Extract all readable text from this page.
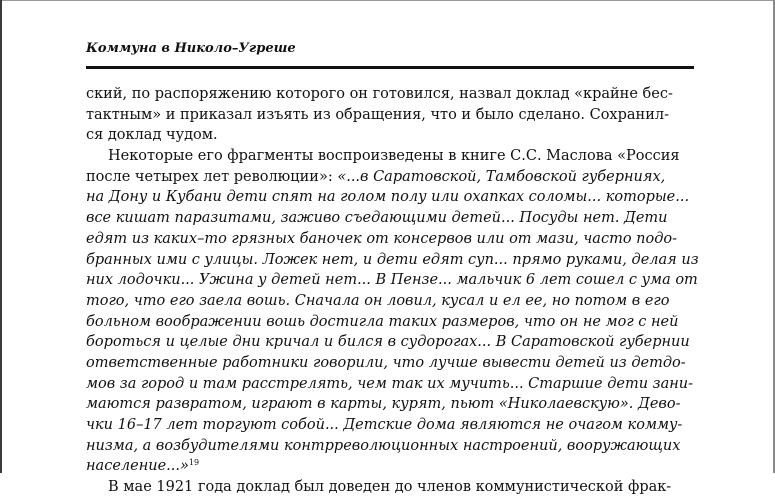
Коммуна в Николо–Угреше
ский, по распоряжению которого он готовился, назвал доклад «крайне бес-
тактным» и приказал изъять из обращения, что и было сделано. Сохранил-
ся доклад чудом.
Некоторые его фрагменты воспроизведены в книге С.С. Маслова «Россия
после четырех лет революции»: «...в Саратовской, Тамбовской губерниях,
на Дону и Кубани дети спят на голом полу или охапках соломы... которые...
все кишат паразитами, заживо съедающими детей... Посуды нет. Дети
едят из каких–то грязных баночек от консервов или от мази, часто подо-
бранных ими с улицы. Ложек нет, и дети едят суп... прямо руками, делая из
них лодочки... Ужина у детей нет... В Пензе... мальчик 6 лет сошел с ума от
того, что его заела вошь. Сначала он ловил, кусал и ел ее, но потом в его
больном воображении вошь достигла таких размеров, что он не мог с ней
бороться и целые дни кричал и бился в судорогах... В Саратовской губернии
ответственные работники говорили, что лучше вывести детей из детдо-
мов за город и там расстрелять, чем так их мучить... Старшие дети зани-
маются развратом, играют в карты, курят, пьют «Николаевскую». Дево-
чки 16–17 лет торгуют собой... Детские дома являются не очагом комму-
низма, а возбудителями контрреволюционных настроений, вооружающих
население...»$^{19}$
В мае 1921 года доклад был доведен до членов коммунистической фрак-
